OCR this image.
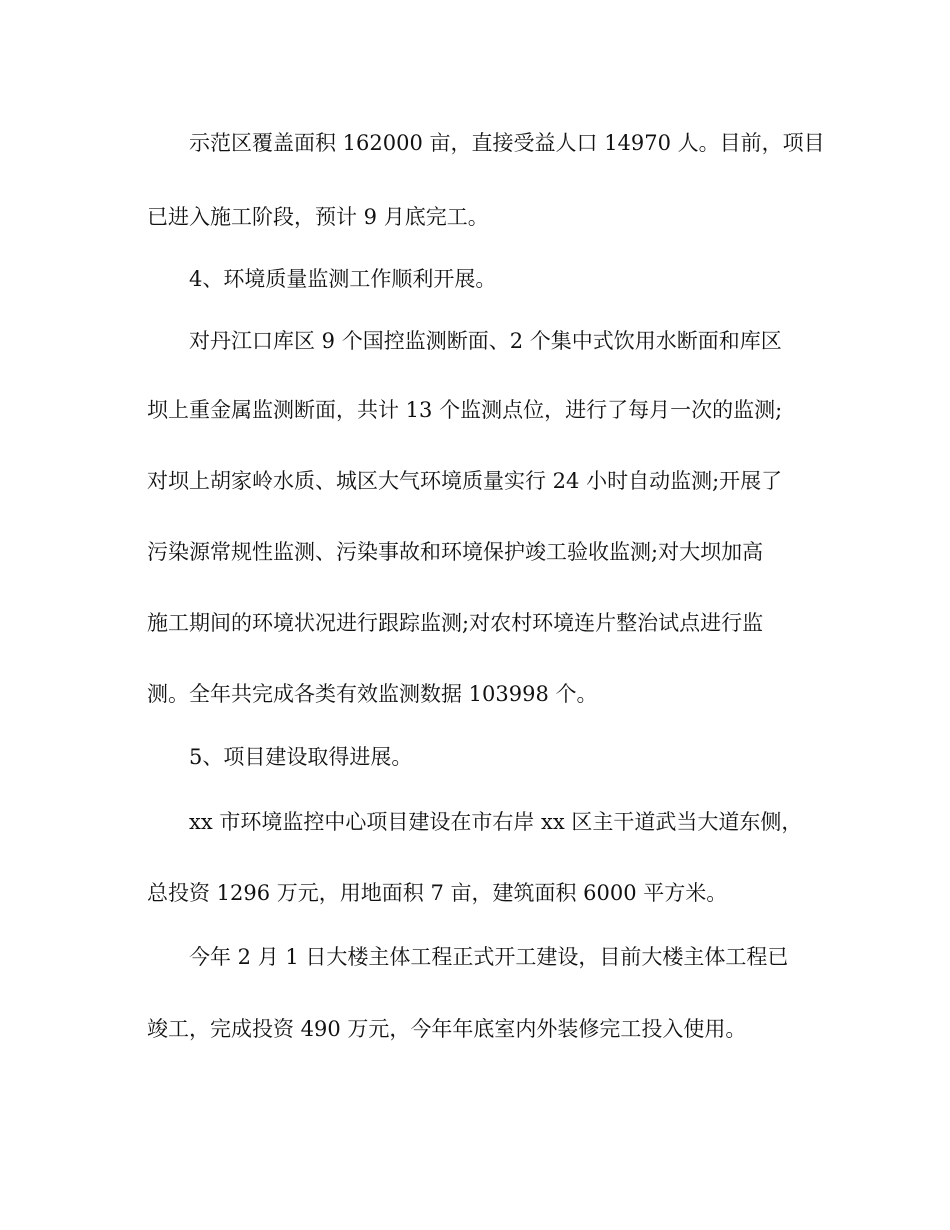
示范区覆盖面积 162000 亩，直接受益人口 14970 人。目前，项目
已进入施工阶段，预计 9 月底完工。
4、环境质量监测工作顺利开展。
对丹江口库区 9 个国控监测断面、2 个集中式饮用水断面和库区
坝上重金属监测断面，共计 13 个监测点位，进行了每月一次的监测;
对坝上胡家岭水质、城区大气环境质量实行 24 小时自动监测;开展了
污染源常规性监测、污染事故和环境保护竣工验收监测;对大坝加高
施工期间的环境状况进行跟踪监测;对农村环境连片整治试点进行监
测。全年共完成各类有效监测数据 103998 个。
5、项目建设取得进展。
xx 市环境监控中心项目建设在市右岸 xx 区主干道武当大道东侧，
总投资 1296 万元，用地面积 7 亩，建筑面积 6000 平方米。
今年 2 月 1 日大楼主体工程正式开工建设，目前大楼主体工程已
竣工，完成投资 490 万元，今年年底室内外装修完工投入使用。
